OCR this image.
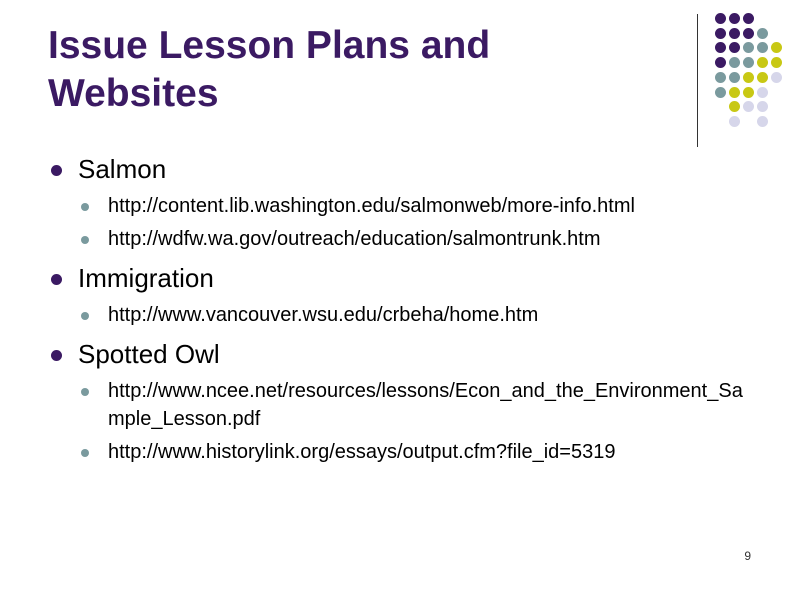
Issue Lesson Plans and Websites
Salmon
http://content.lib.washington.edu/salmonweb/more-info.html
http://wdfw.wa.gov/outreach/education/salmontrunk.htm
Immigration
http://www.vancouver.wsu.edu/crbeha/home.htm
Spotted Owl
http://www.ncee.net/resources/lessons/Econ_and_the_Environment_Sample_Lesson.pdf
http://www.historylink.org/essays/output.cfm?file_id=5319
9
